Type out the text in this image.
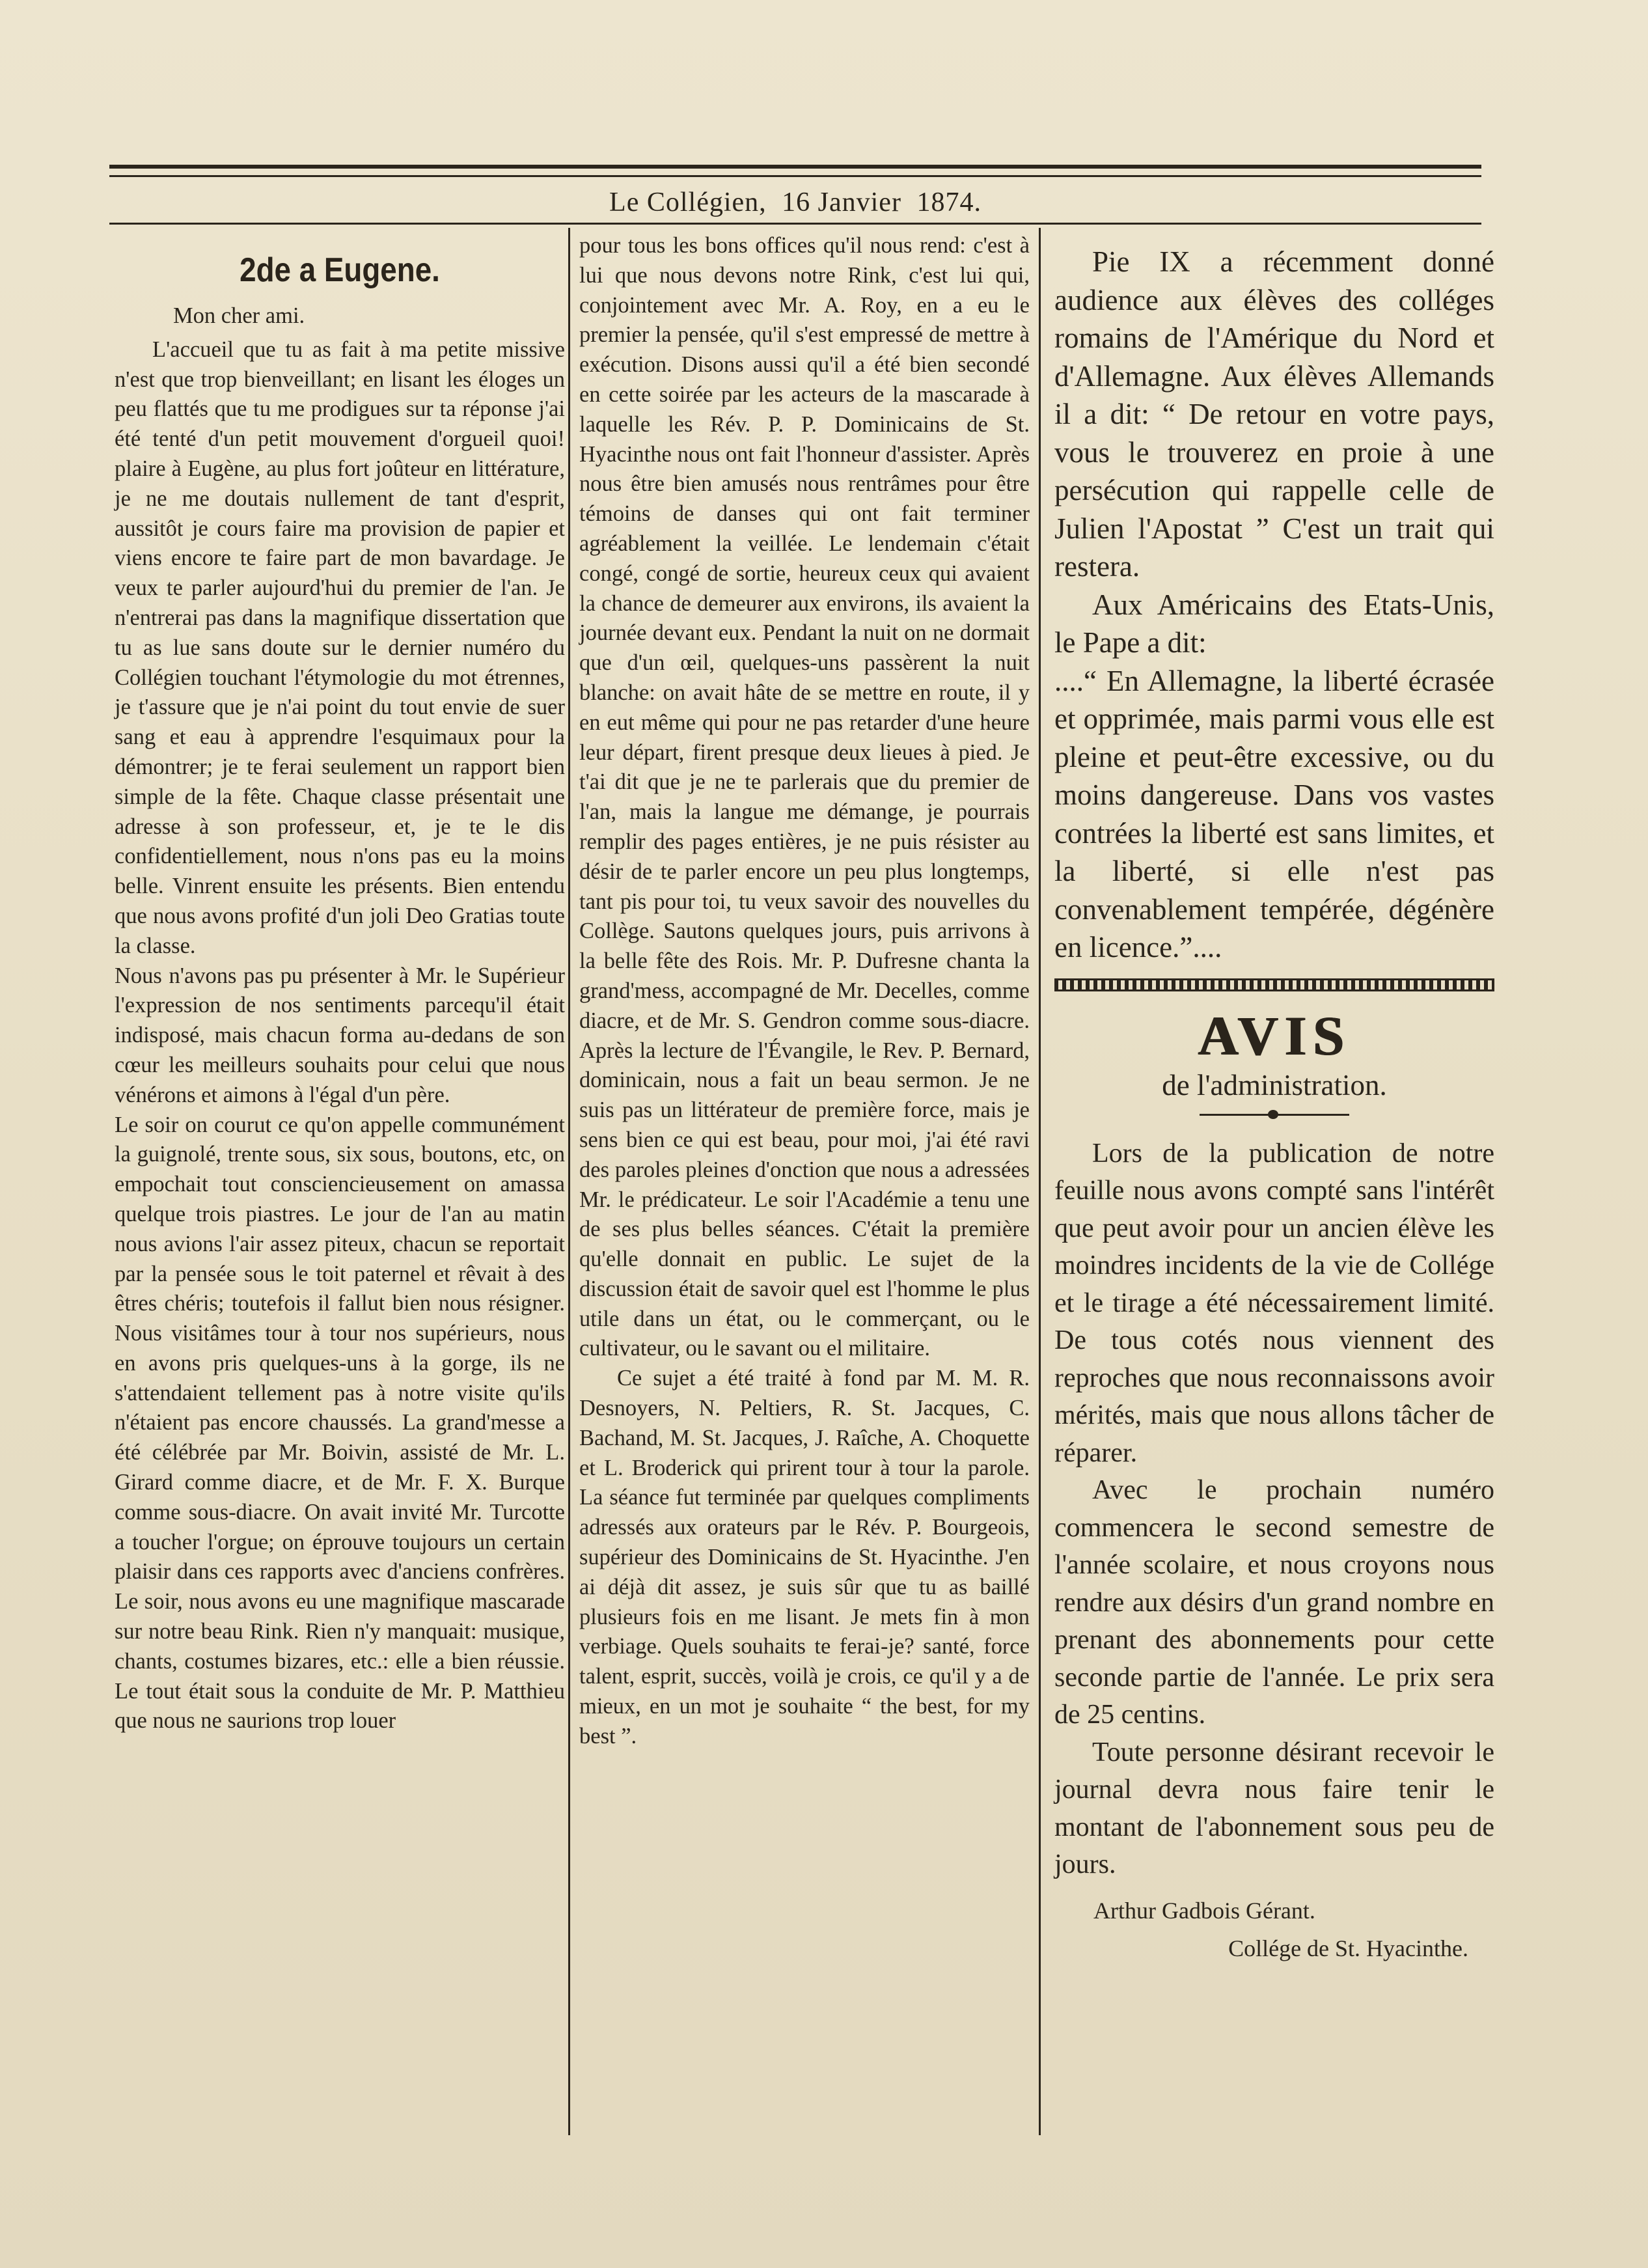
Le Collégien, 16 Janvier 1874.
2de a Eugene.

Mon cher ami.

L'accueil que tu as fait à ma petite missive n'est que trop bienveillant; en lisant les éloges un peu flattés que tu me prodigues sur ta réponse j'ai été tenté d'un petit mouvement d'orgueil quoi! plaire à Eugène, au plus fort joûteur en littérature, je ne me doutais nullement de tant d'esprit, aussitôt je cours faire ma provision de papier et viens encore te faire part de mon bavardage. Je veux te parler aujourd'hui du premier de l'an. Je n'entrerai pas dans la magnifique dissertation que tu as lue sans doute sur le dernier numéro du Collégien touchant l'étymologie du mot étrennes, je t'assure que je n'ai point du tout envie de suer sang et eau à apprendre l'esquimaux pour la démontrer; je te ferai seulement un rapport bien simple de la fête. Chaque classe présentait une adresse à son professeur, et, je te le dis confidentiellement, nous n'ons pas eu la moins belle. Vinrent ensuite les présents. Bien entendu que nous avons profité d'un joli Deo Gratias toute la classe.

Nous n'avons pas pu présenter à Mr. le Supérieur l'expression de nos sentiments parcequ'il était indisposé, mais chacun forma au-dedans de son cœur les meilleurs souhaits pour celui que nous vénérons et aimons à l'égal d'un père.

Le soir on courut ce qu'on appelle communément la guignolé, trente sous, six sous, boutons, etc, on empochait tout consciencieusement on amassa quelque trois piastres. Le jour de l'an au matin nous avions l'air assez piteux, chacun se reportait par la pensée sous le toit paternel et rêvait à des êtres chéris; toutefois il fallut bien nous résigner. Nous visitâmes tour à tour nos supérieurs, nous en avons pris quelques-uns à la gorge, ils ne s'attendaient tellement pas à notre visite qu'ils n'étaient pas encore chaussés. La grand'messe a été célébrée par Mr. Boivin, assisté de Mr. L. Girard comme diacre, et de Mr. F. X. Burque comme sous-diacre. On avait invité Mr. Turcotte a toucher l'orgue; on éprouve toujours un certain plaisir dans ces rapports avec d'anciens confrères. Le soir, nous avons eu une magnifique mascarade sur notre beau Rink. Rien n'y manquait: musique, chants, costumes bizares, etc.: elle a bien réussie. Le tout était sous la conduite de Mr. P. Matthieu que nous ne saurions trop louer

pour tous les bons offices qu'il nous rend: c'est à lui que nous devons notre Rink, c'est lui qui, conjointement avec Mr. A. Roy, en a eu le premier la pensée, qu'il s'est empressé de mettre à exécution. Disons aussi qu'il a été bien secondé en cette soirée par les acteurs de la mascarade à laquelle les Rév. P. P. Dominicains de St. Hyacinthe nous ont fait l'honneur d'assister. Après nous être bien amusés nous rentrâmes pour être témoins de danses qui ont fait terminer agréablement la veillée. Le lendemain c'était congé, congé de sortie, heureux ceux qui avaient la chance de demeurer aux environs, ils avaient la journée devant eux. Pendant la nuit on ne dormait que d'un œil, quelques-uns passèrent la nuit blanche: on avait hâte de se mettre en route, il y en eut même qui pour ne pas retarder d'une heure leur départ, firent presque deux lieues à pied. Je t'ai dit que je ne te parlerais que du premier de l'an, mais la langue me démange, je pourrais remplir des pages entières, je ne puis résister au désir de te parler encore un peu plus longtemps, tant pis pour toi, tu veux savoir des nouvelles du Collège. Sautons quelques jours, puis arrivons à la belle fête des Rois. Mr. P. Dufresne chanta la grand'mess, accompagné de Mr. Decelles, comme diacre, et de Mr. S. Gendron comme sous-diacre. Après la lecture de l'Évangile, le Rev. P. Bernard, dominicain, nous a fait un beau sermon. Je ne suis pas un littérateur de première force, mais je sens bien ce qui est beau, pour moi, j'ai été ravi des paroles pleines d'onction que nous a adressées Mr. le prédicateur. Le soir l'Académie a tenu une de ses plus belles séances. C'était la première qu'elle donnait en public. Le sujet de la discussion était de savoir quel est l'homme le plus utile dans un état, ou le commerçant, ou le cultivateur, ou le savant ou el militaire.

Ce sujet a été traité à fond par M. M. R. Desnoyers, N. Peltiers, R. St. Jacques, C. Bachand, M. St. Jacques, J. Raîche, A. Choquette et L. Broderick qui prirent tour à tour la parole. La séance fut terminée par quelques compliments adressés aux orateurs par le Rév. P. Bourgeois, supérieur des Dominicains de St. Hyacinthe. J'en ai déjà dit assez, je suis sûr que tu as baillé plusieurs fois en me lisant. Je mets fin à mon verbiage. Quels souhaits te ferai-je? santé, force talent, esprit, succès, voilà je crois, ce qu'il y a de mieux, en un mot je souhaite “ the best, for my best ”.

Pie IX a récemment donné audience aux élèves des colléges romains de l'Amérique du Nord et d'Allemagne. Aux élèves Allemands il a dit: “ De retour en votre pays, vous le trouverez en proie à une persécution qui rappelle celle de Julien l'Apostat ” C'est un trait qui restera.

Aux Américains des Etats-Unis, le Pape a dit:

....“ En Allemagne, la liberté écrasée et opprimée, mais parmi vous elle est pleine et peut-être excessive, ou du moins dangereuse. Dans vos vastes contrées la liberté est sans limites, et la liberté, si elle n'est pas convenablement tempérée, dégénère en licence.”....

AVIS
de l'administration.

Lors de la publication de notre feuille nous avons compté sans l'intérêt que peut avoir pour un ancien élève les moindres incidents de la vie de Collége et le tirage a été nécessairement limité. De tous cotés nous viennent des reproches que nous reconnaissons avoir mérités, mais que nous allons tâcher de réparer.

Avec le prochain numéro commencera le second semestre de l'année scolaire, et nous croyons nous rendre aux désirs d'un grand nombre en prenant des abonnements pour cette seconde partie de l'année. Le prix sera de 25 centins.

Toute personne désirant recevoir le journal devra nous faire tenir le montant de l'abonnement sous peu de jours.

Arthur Gadbois Gérant.

Collége de St. Hyacinthe.
